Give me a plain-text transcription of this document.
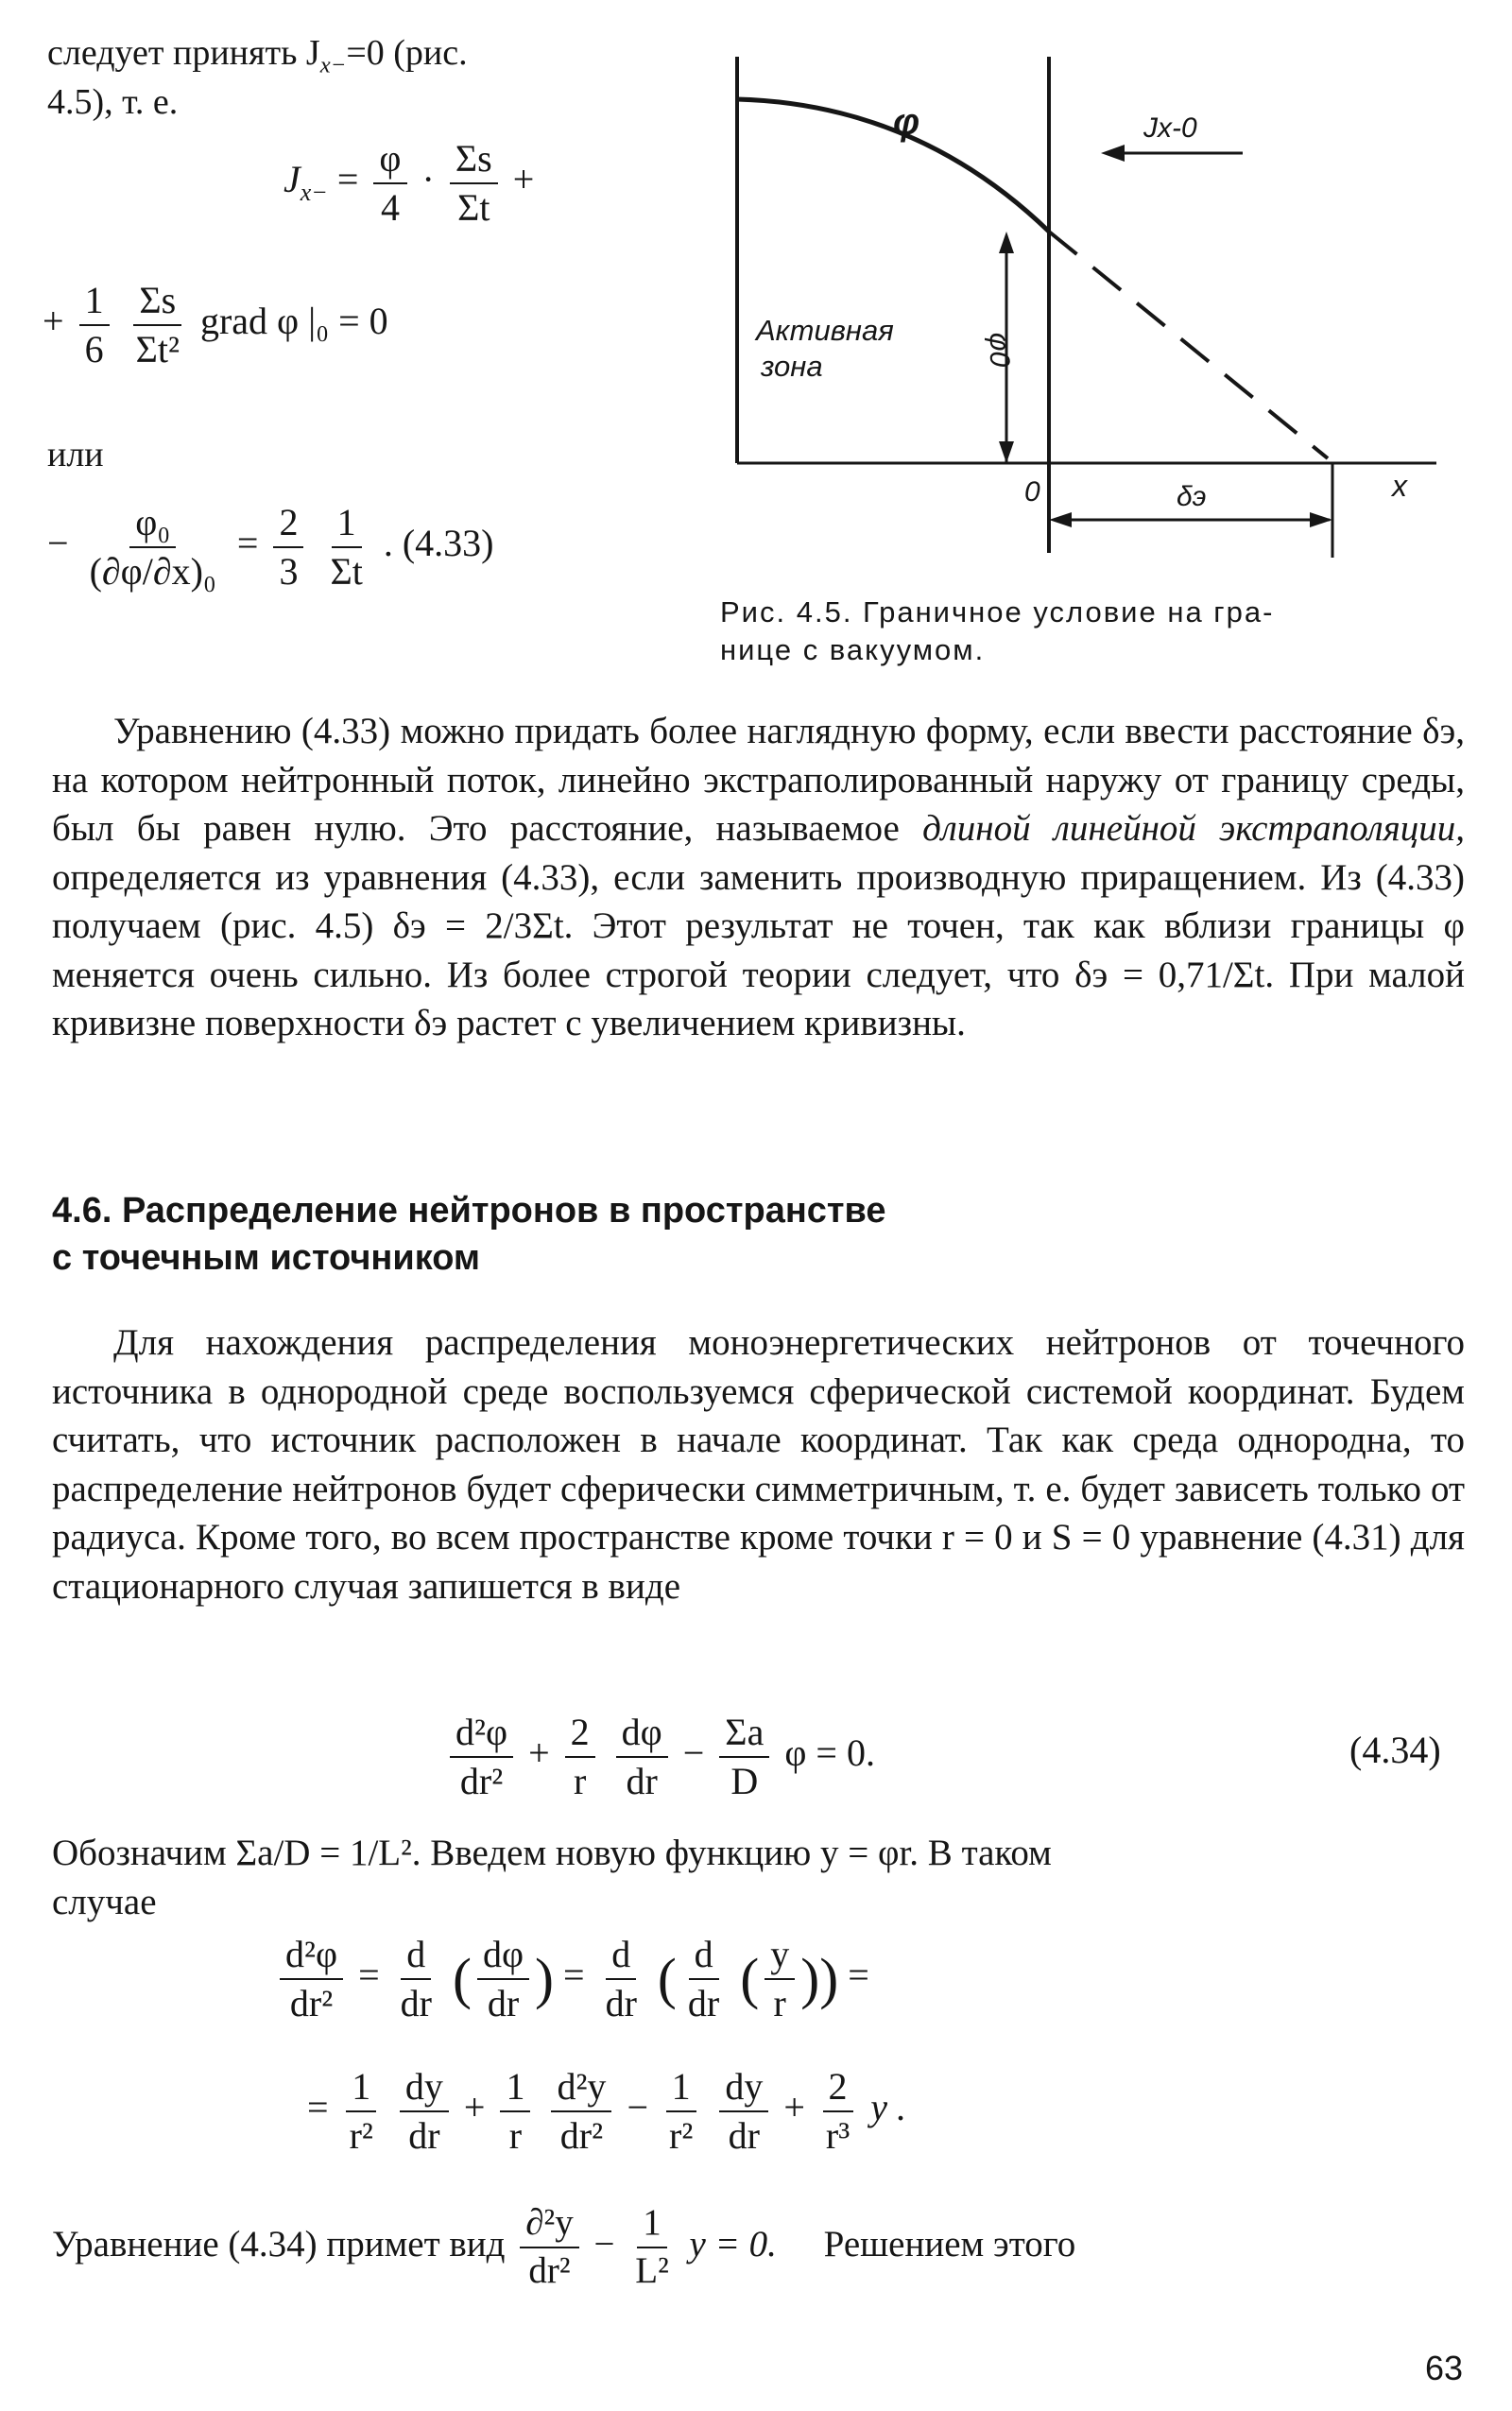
следует принять $J_{x-}=0$ (рис.
4.5), т. е.
$J_{x-} = \frac{\varphi}{4} \cdot \frac{\Sigma s}{\Sigma t}$ +
+ $\frac{1}{6}$
$\frac{\Sigma s}{\text{Σt²}}$ grad φ |₀ = 0
или
− $\frac{\text{φ₀}}{\text{(∂φ/∂x)₀}} = \frac{2}{3}$
$\frac{1}{\Sigma t}$ . (4.33)
φ	Jx-0
Активная
зона	φ0
0	δэ	x
Рис. 4.5. Граничное условие на гра-
нице с вакуумом.

Уравнению (4.33) можно придать более наглядную форму, если ввести расстояние δэ, на котором нейтронный поток, линейно экстраполированный наружу от границу среды, был бы равен нулю. Это расстояние, называемое длиной линейной экстраполяции, определяется из уравнения (4.33), если заменить производную приращением. Из (4.33) получаем (рис. 4.5) δэ = 2/3Σt. Этот результат не точен, так как вблизи границы φ меняется очень сильно. Из более строгой теории следует, что δэ = 0,71/Σt. При малой кривизне поверхности δэ растет с увеличением кривизны.

4.6. Распределение нейтронов в пространстве
с точечным источником

Для нахождения распределения моноэнергетических нейтронов от точечного источника в однородной среде воспользуемся сферической системой координат. Будем считать, что источник расположен в начале координат. Так как среда однородна, то распределение нейтронов будет сферически симметричным, т. е. будет зависеть только от радиуса. Кроме того, во всем пространстве кроме точки r = 0 и S = 0 уравнение (4.31) для стационарного случая запишется в виде

$\frac{\text{d²φ}}{\text{dr²}} + \frac{2}{r}$
$\frac{d\varphi}{dr} - \frac{\Sigma a}{D}$ φ = 0.	(4.34)

Обозначим Σa/D = 1/L². Введем новую функцию y = φr. В таком

случае

$\frac{\text{d²φ}}{\text{dr²}} = \frac{d}{dr}$ ( $\frac{d\varphi}{dr}$ ) = $\frac{d}{dr}$ ( $\frac{d}{dr}$ ( $\frac{y}{r}$ )) =
= $\frac{1}{\text{r²}}$
$\frac{dy}{dr} + \frac{1}{r}$
$\frac{\text{d²y}}{\text{dr²}} - \frac{1}{\text{r²}}$
$\frac{dy}{dr} + \frac{2}{\text{r³}}$ y .
Уравнение (4.34) примет вид $\frac{\text{∂²y}}{\text{dr²}} - \frac{1}{\text{L²}}$ y = 0. Решением этого
63
